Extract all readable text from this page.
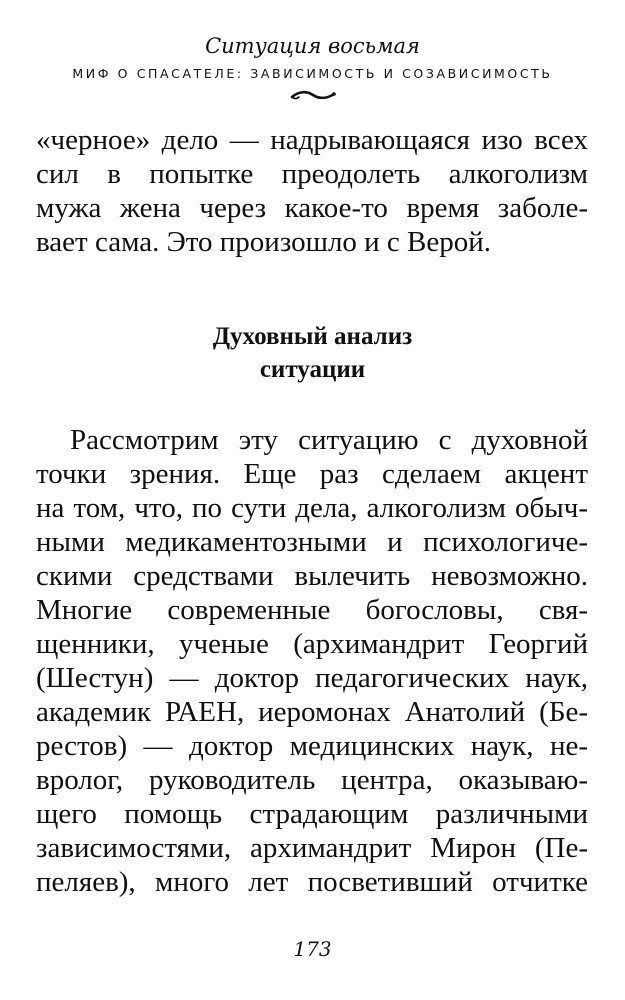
Ситуация восьмая
МИФ О СПАСАТЕЛЕ: ЗАВИСИМОСТЬ И СОЗАВИСИМОСТЬ
«черное» дело — надрывающаяся изо всех
сил в попытке преодолеть алкоголизм
мужа жена через какое-то время заболе-
вает сама. Это произошло и с Верой.
Духовный анализ
ситуации
Рассмотрим эту ситуацию с духовной
точки зрения. Еще раз сделаем акцент
на том, что, по сути дела, алкоголизм обыч-
ными медикаментозными и психологиче-
скими средствами вылечить невозможно.
Многие современные богословы, свя-
щенники, ученые (архимандрит Георгий
(Шестун) — доктор педагогических наук,
академик РАЕН, иеромонах Анатолий (Бе-
рестов) — доктор медицинских наук, не-
вролог, руководитель центра, оказываю-
щего помощь страдающим различными
зависимостями, архимандрит Мирон (Пе-
пеляев), много лет посветивший отчитке
173
